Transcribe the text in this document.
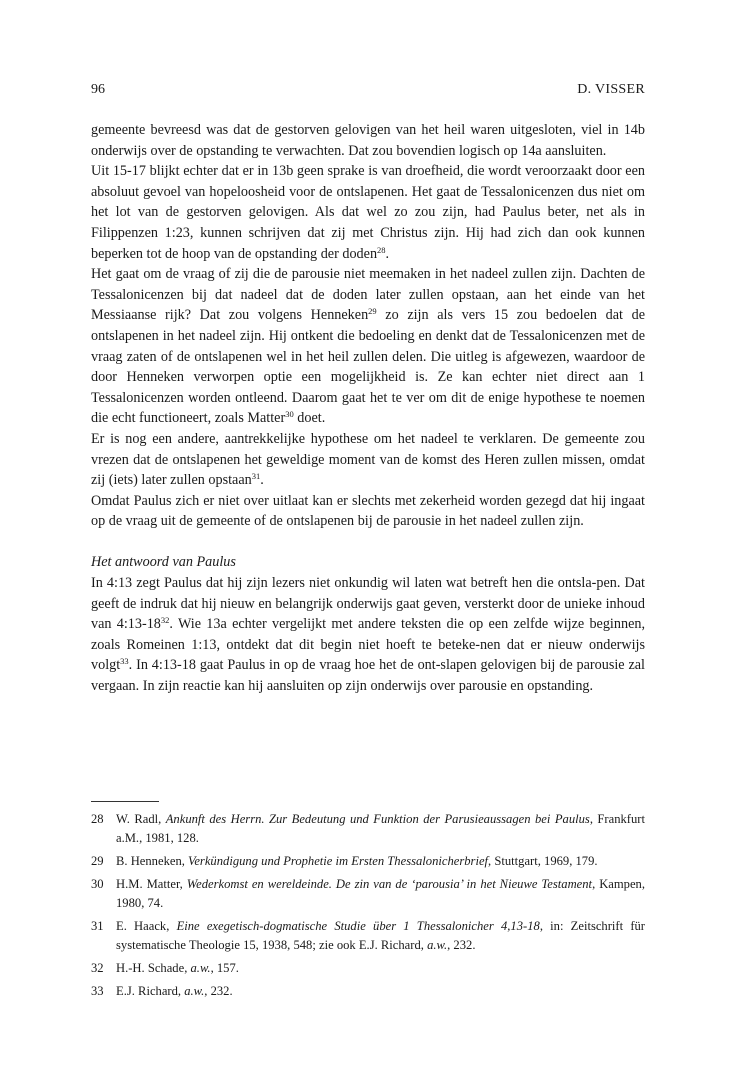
96	D. VISSER

gemeente bevreesd was dat de gestorven gelovigen van het heil waren uitgesloten, viel in 14b onderwijs over de opstanding te verwachten. Dat zou bovendien logisch op 14a aansluiten.

Uit 15-17 blijkt echter dat er in 13b geen sprake is van droefheid, die wordt veroorzaakt door een absoluut gevoel van hopeloosheid voor de ontslapenen. Het gaat de Tessalonicenzen dus niet om het lot van de gestorven gelovigen. Als dat wel zo zou zijn, had Paulus beter, net als in Filippenzen 1:23, kunnen schrijven dat zij met Christus zijn. Hij had zich dan ook kunnen beperken tot de hoop van de opstanding der doden$^{28}$.

Het gaat om de vraag of zij die de parousie niet meemaken in het nadeel zullen zijn. Dachten de Tessalonicenzen bij dat nadeel dat de doden later zullen opstaan, aan het einde van het Messiaanse rijk? Dat zou volgens Henneken$^{29}$ zo zijn als vers 15 zou bedoelen dat de ontslapenen in het nadeel zijn. Hij ontkent die bedoeling en denkt dat de Tessalonicenzen met de vraag zaten of de ontslapenen wel in het heil zullen delen. Die uitleg is afgewezen, waardoor de door Henneken verworpen optie een mogelijkheid is. Ze kan echter niet direct aan 1 Tessalonicenzen worden ontleend. Daarom gaat het te ver om dit de enige hypothese te noemen die echt functioneert, zoals Matter$^{30}$ doet.

Er is nog een andere, aantrekkelijke hypothese om het nadeel te verklaren. De gemeente zou vrezen dat de ontslapenen het geweldige moment van de komst des Heren zullen missen, omdat zij (iets) later zullen opstaan$^{31}$.

Omdat Paulus zich er niet over uitlaat kan er slechts met zekerheid worden gezegd dat hij ingaat op de vraag uit de gemeente of de ontslapenen bij de parousie in het nadeel zullen zijn.

Het antwoord van Paulus

In 4:13 zegt Paulus dat hij zijn lezers niet onkundig wil laten wat betreft hen die ontsla-pen. Dat geeft de indruk dat hij nieuw en belangrijk onderwijs gaat geven, versterkt door de unieke inhoud van $4:13-18^{32}$. Wie 13a echter vergelijkt met andere teksten die op een zelfde wijze beginnen, zoals Romeinen 1:13, ontdekt dat dit begin niet hoeft te beteke-nen dat er nieuw onderwijs volgt$^{33}$. In 4:13-18 gaat Paulus in op de vraag hoe het de ont-slapen gelovigen bij de parousie zal vergaan. In zijn reactie kan hij aansluiten op zijn onderwijs over parousie en opstanding.

28 W. Radl, Ankunft des Herrn. Zur Bedeutung und Funktion der Parusieaussagen bei Paulus, Frankfurt a.M., 1981, 128.
29 B. Henneken, Verkündigung und Prophetie im Ersten Thessalonicherbrief, Stuttgart, 1969, 179.
30 H.M. Matter, Wederkomst en wereldeinde. De zin van de ‘parousia’ in het Nieuwe Testament, Kampen, 1980, 74.
31 E. Haack, Eine exegetisch-dogmatische Studie über 1 Thessalonicher 4,13-18, in: Zeitschrift für systematische Theologie 15, 1938, 548; zie ook E.J. Richard, a.w., 232.
32 H.-H. Schade, a.w., 157.
33 E.J. Richard, a.w., 232.
